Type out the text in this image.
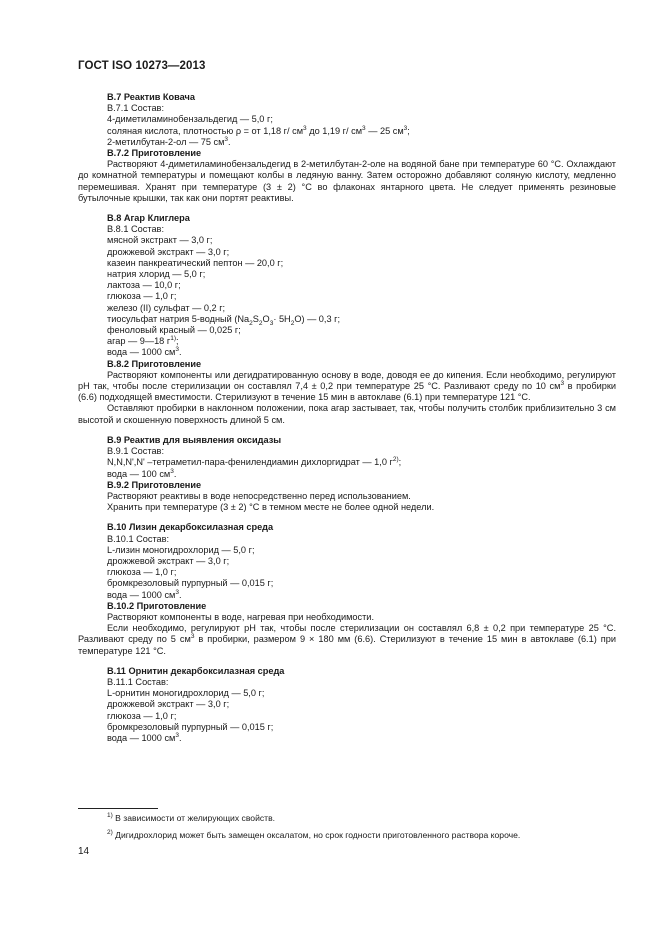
ГОСТ ISO 10273—2013
В.7 Реактив Ковача
В.7.1 Состав:
4-диметиламинобензальдегид — 5,0 г;
соляная кислота, плотностью ρ = от 1,18 г/ $см^3$ до 1,19 г/ $см^3$ — 25 $см^3$;
2-метилбутан-2-ол — 75 $см^3$.
В.7.2 Приготовление
Растворяют 4-диметиламинобензальдегид в 2-метилбутан-2-оле на водяной бане при температуре 60 °С. Охлаждают до комнатной температуры и помещают колбы в ледяную ванну. Затем осторожно добавляют соляную кислоту, медленно перемешивая. Хранят при температуре (3 ± 2) °С во флаконах янтарного цвета. Не следует применять резиновые бутылочные крышки, так как они портят реактивы.
В.8 Агар Клиглера
В.8.1 Состав:
мясной экстракт — 3,0 г;
дрожжевой экстракт — 3,0 г;
казеин панкреатический пептон — 20,0 г;
натрия хлорид — 5,0 г;
лактоза — 10,0 г;
глюкоза — 1,0 г;
железо (II) сульфат — 0,2 г;
тиосульфат натрия 5-водный $(Na_2S_2O_3\cdot 5H_2O)$ — 0,3 г;
феноловый красный — 0,025 г;
агар — 9—18 $г^{1)}$;
вода — 1000 $см^3$.
В.8.2 Приготовление
Растворяют компоненты или дегидратированную основу в воде, доводя ее до кипения. Если необходимо, регулируют рН так, чтобы после стерилизации он составлял 7,4 ± 0,2 при температуре 25 °С. Разливают среду по 10 $см^3$ в пробирки (6.6) подходящей вместимости. Стерилизуют в течение 15 мин в автоклаве (6.1) при температуре 121 °С.
Оставляют пробирки в наклонном положении, пока агар застывает, так, чтобы получить столбик приблизительно 3 см высотой и скошенную поверхность длиной 5 см.
В.9 Реактив для выявления оксидазы
В.9.1 Состав:
N,N,N',N' –тетраметил-пара-фенилендиамин дихлоргидрат — 1,0 $г^{2)}$;
вода — 100 $см^3$.
В.9.2 Приготовление
Растворяют реактивы в воде непосредственно перед использованием.
Хранить при температуре (3 ± 2) °С в темном месте не более одной недели.
В.10 Лизин декарбоксилазная среда
В.10.1 Состав:
L-лизин моногидрохлорид — 5,0 г;
дрожжевой экстракт — 3,0 г;
глюкоза — 1,0 г;
бромкрезоловый пурпурный — 0,015 г;
вода — 1000 $см^3$.
В.10.2 Приготовление
Растворяют компоненты в воде, нагревая при необходимости.
Если необходимо, регулируют рН так, чтобы после стерилизации он составлял 6,8 ± 0,2 при температуре 25 °С. Разливают среду по 5 $см^3$ в пробирки, размером 9 × 180 мм (6.6). Стерилизуют в течение 15 мин в автоклаве (6.1) при температуре 121 °С.
В.11 Орнитин декарбоксилазная среда
В.11.1 Состав:
L-орнитин моногидрохлорид — 5,0 г;
дрожжевой экстракт — 3,0 г;
глюкоза — 1,0 г;
бромкрезоловый пурпурный — 0,015 г;
вода — 1000 $см^3$.
$^{1)}$ В зависимости от желирующих свойств.
$^{2)}$ Дигидрохлорид может быть замещен оксалатом, но срок годности приготовленного раствора короче.
14
